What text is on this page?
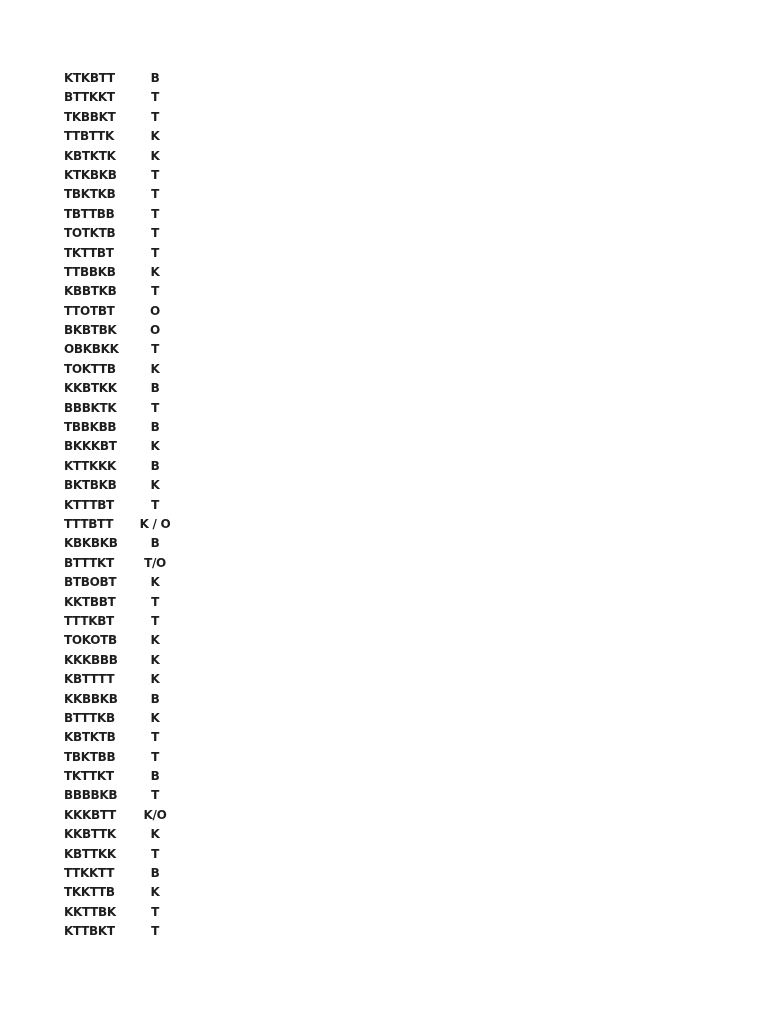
KTKBTT	B
BTTKKT	T
TKBBKT	T
TTBTTK	K
KBTKTK	K
KTKBKB	T
TBKTKB	T
TBTTBB	T
TOTKTB	T
TKTTBT	T
TTBBKB	K
KBBTKB	T
TTOTBT	O
BKBTBK	O
OBKBKK	T
TOKTTB	K
KKBTKK	B
BBBKTK	T
TBBKBB	B
BKKKBT	K
KTTKKK	B
BKTBKB	K
KTTTBT	T
TTTBTT K / O
KBKBKB	B
BTTTKT	T/O
BTBOBT	K
KKTBBT	T
TTTKBT	T
TOKOTB	K
KKKBBB	K
KBTTTT	K
KKBBKB	B
BTTTKB	K
KBTKTB	T
TBKTBB	T
TKTTKT	B
BBBBKB	T
KKKBTT K/O
KKBTTK	K
KBTTKK	T
TTKKTT	B
TKKTTB	K
KKTTBK	T
KTTBKT	T
